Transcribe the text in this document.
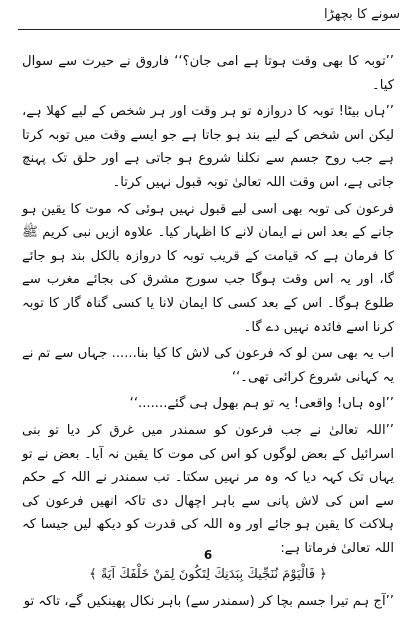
سونے کا بچھڑا

’’توبہ کا بھی وقت ہوتا ہے امی جان؟‘‘ فاروق نے حیرت سے سوال کیا۔

’’ہاں بیٹا! توبہ کا دروازہ تو ہر وقت اور ہر شخص کے لیے کھلا ہے، لیکن اس شخص کے لیے بند ہو جاتا ہے جو ایسے وقت میں توبہ کرتا ہے جب روح جسم سے نکلنا شروع ہو جاتی ہے اور حلق تک پہنچ جاتی ہے، اس وقت اللہ تعالیٰ توبہ قبول نہیں کرتا۔

فرعون کی توبہ بھی اسی لیے قبول نہیں ہوئی کہ موت کا یقین ہو جانے کے بعد اس نے ایمان لانے کا اظہار کیا۔ علاوہ ازیں نبی کریم ﷺ کا فرمان ہے کہ قیامت کے قریب توبہ کا دروازہ بالکل بند ہو جائے گا، اور یہ اس وقت ہوگا جب سورج مشرق کی بجائے مغرب سے طلوع ہوگا۔ اس کے بعد کسی کا ایمان لانا یا کسی گناہ گار کا توبہ کرنا اسے فائدہ نہیں دے گا۔

اب یہ بھی سن لو کہ فرعون کی لاش کا کیا بنا...... جہاں سے تم نے یہ کہانی شروع کرائی تھی۔‘‘

’’اوہ ہاں! واقعی! یہ تو ہم بھول ہی گئے.......‘‘

’’اللہ تعالیٰ نے جب فرعون کو سمندر میں غرق کر دیا تو بنی اسرائیل کے بعض لوگوں کو اس کی موت کا یقین نہ آیا۔ بعض نے تو یہاں تک کہہ دیا کہ وہ مر نہیں سکتا۔ تب سمندر نے اللہ کے حکم سے اس کی لاش پانی سے باہر اچھال دی تاکہ انھیں فرعون کی ہلاکت کا یقین ہو جائے اور وہ اللہ کی قدرت کو دیکھ لیں جیسا کہ اللہ تعالیٰ فرماتا ہے:

﴿ فَالْيَوْمَ نُنَجِّيكَ بِبَدَنِكَ لِتَكُونَ لِمَنْ خَلْفَكَ آيَةً ﴾

’’آج ہم تیرا جسم بچا کر (سمندر سے) باہر نکال پھینکیں گے، تاکہ تو

6
